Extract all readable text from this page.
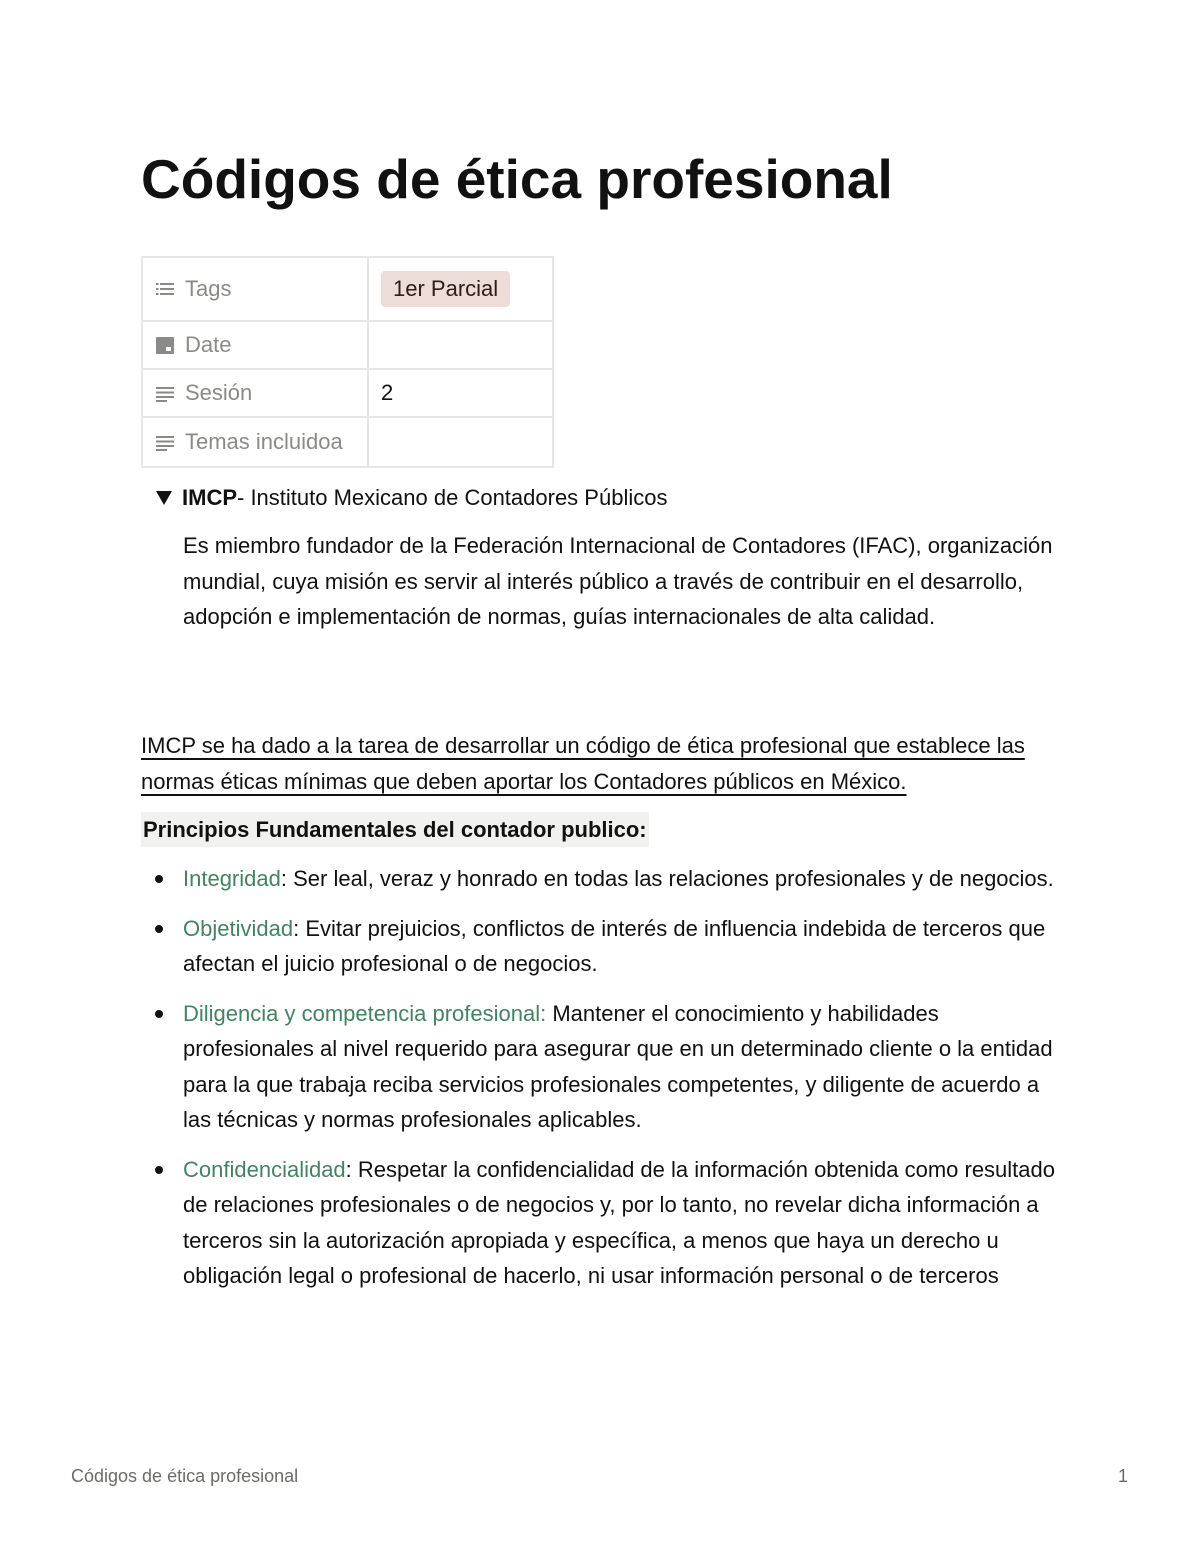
Códigos de ética profesional
Tags	1er Parcial

Date	

Sesión	2

Temas incluidoa	

IMCP - Instituto Mexicano de Contadores Públicos

Es miembro fundador de la Federación Internacional de Contadores (IFAC), organización mundial, cuya misión es servir al interés público a través de contribuir en el desarrollo, adopción e implementación de normas, guías internacionales de alta calidad.

IMCP se ha dado a la tarea de desarrollar un código de ética profesional que establece las normas éticas mínimas que deben aportar los Contadores públicos en México.

Principios Fundamentales del contador publico:

Integridad: Ser leal, veraz y honrado en todas las relaciones profesionales y de negocios.
Objetividad: Evitar prejuicios, conflictos de interés de influencia indebida de terceros que afectan el juicio profesional o de negocios.
Diligencia y competencia profesional: Mantener el conocimiento y habilidades profesionales al nivel requerido para asegurar que en un determinado cliente o la entidad para la que trabaja reciba servicios profesionales competentes, y diligente de acuerdo a las técnicas y normas profesionales aplicables.
Confidencialidad: Respetar la confidencialidad de la información obtenida como resultado de relaciones profesionales o de negocios y, por lo tanto, no revelar dicha información a terceros sin la autorización apropiada y específica, a menos que haya un derecho u obligación legal o profesional de hacerlo, ni usar información personal o de terceros
Códigos de ética profesional	1
